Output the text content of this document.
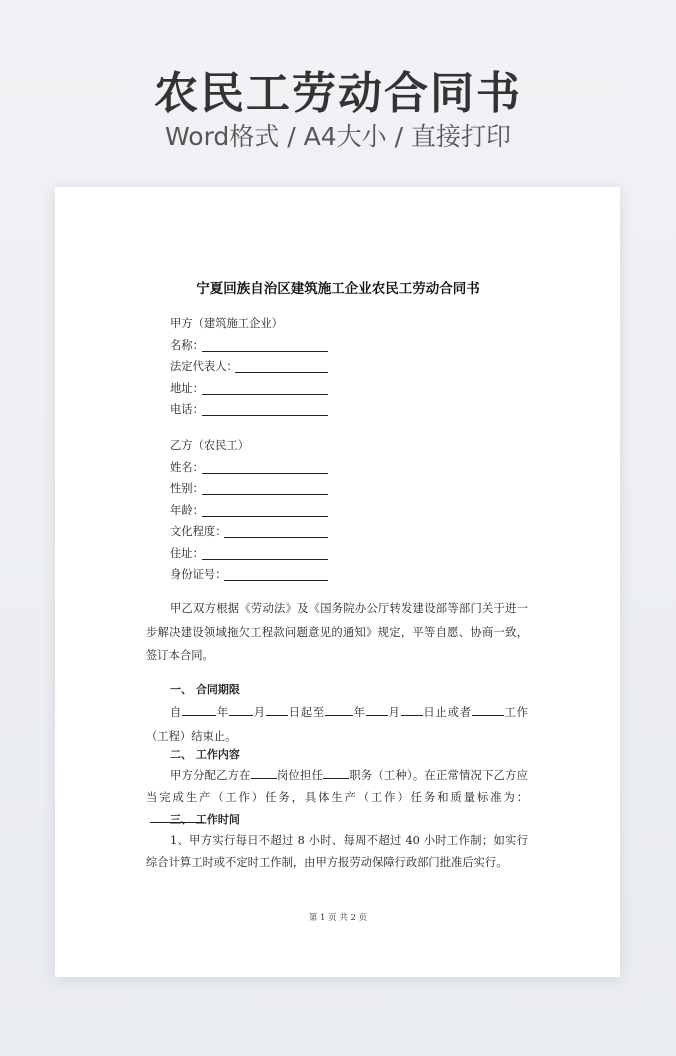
农民工劳动合同书
Word格式 / A4大小 / 直接打印
宁夏回族自治区建筑施工企业农民工劳动合同书
甲方（建筑施工企业）
名称：
法定代表人：
地址：
电话：
乙方（农民工）
姓名：
性别：
年龄：
文化程度：
住址：
身份证号：
甲乙双方根据《劳动法》及《国务院办公厅转发建设部等部门关于进一步解决建设领域拖欠工程款问题意见的通知》规定，平等自愿、协商一致，签订本合同。
一、 合同期限
自	年 月 日起至 年 月 日止或者	工作（工程）结束止。
二、 工作内容
甲方分配乙方在 岗位担任 职务（工种）。在正常情况下乙方应当完成生产（工作）任务，具体生产（工作）任务和质量标准为：
三、 工作时间
1、甲方实行每日不超过 8 小时、每周不超过 40 小时工作制；如实行综合计算工时或不定时工作制，由甲方报劳动保障行政部门批准后实行。
第 1 页 共 2 页
